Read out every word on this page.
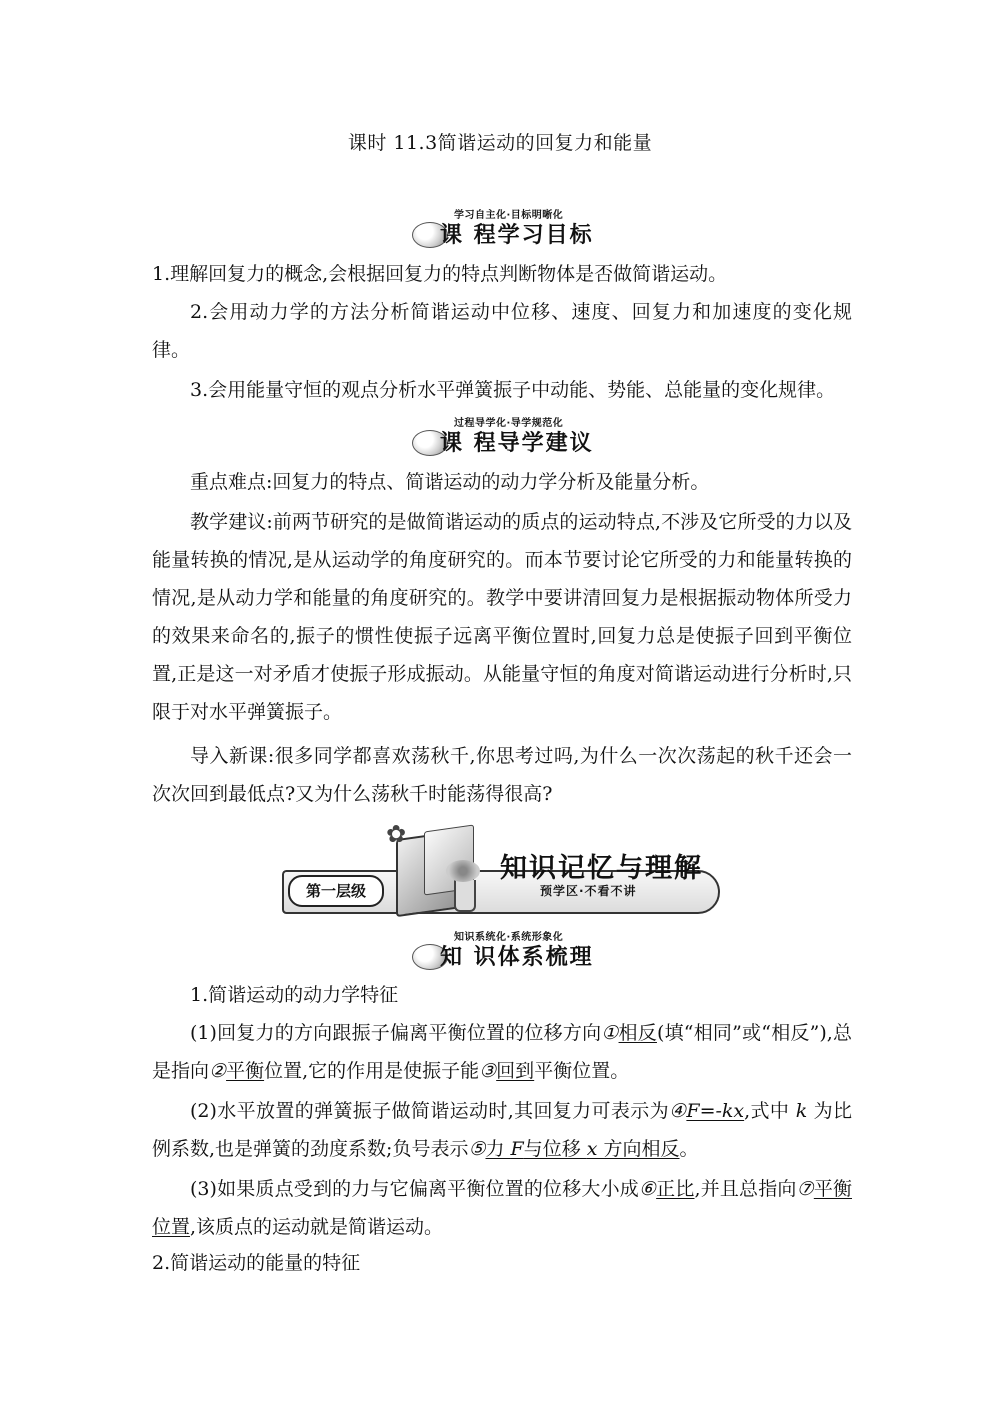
课时 11.3简谐运动的回复力和能量
学习自主化·目标明晰化
课 程学习目标
1.理解回复力的概念,会根据回复力的特点判断物体是否做简谐运动。
2.会用动力学的方法分析简谐运动中位移、速度、回复力和加速度的变化规律。
3.会用能量守恒的观点分析水平弹簧振子中动能、势能、总能量的变化规律。
过程导学化·导学规范化
课 程导学建议
重点难点:回复力的特点、简谐运动的动力学分析及能量分析。
教学建议:前两节研究的是做简谐运动的质点的运动特点,不涉及它所受的力以及能量转换的情况,是从运动学的角度研究的。而本节要讨论它所受的力和能量转换的情况,是从动力学和能量的角度研究的。教学中要讲清回复力是根据振动物体所受力的效果来命名的,振子的惯性使振子远离平衡位置时,回复力总是使振子回到平衡位置,正是这一对矛盾才使振子形成振动。从能量守恒的角度对简谐运动进行分析时,只限于对水平弹簧振子。
导入新课:很多同学都喜欢荡秋千,你思考过吗,为什么一次次荡起的秋千还会一次次回到最低点?又为什么荡秋千时能荡得很高?
第一层级
✿
知识记忆与理解
预学区·不看不讲
知识系统化·系统形象化
知 识体系梳理
1.简谐运动的动力学特征
(1)回复力的方向跟振子偏离平衡位置的位移方向①相反(填“相同”或“相反”),总是指向②平衡位置,它的作用是使振子能③回到平衡位置。
(2)水平放置的弹簧振子做简谐运动时,其回复力可表示为④F=-kx,式中 k 为比例系数,也是弹簧的劲度系数;负号表示⑤力 F与位移 x 方向相反。
(3)如果质点受到的力与它偏离平衡位置的位移大小成⑥正比,并且总指向⑦平衡位置,该质点的运动就是简谐运动。
2.简谐运动的能量的特征
